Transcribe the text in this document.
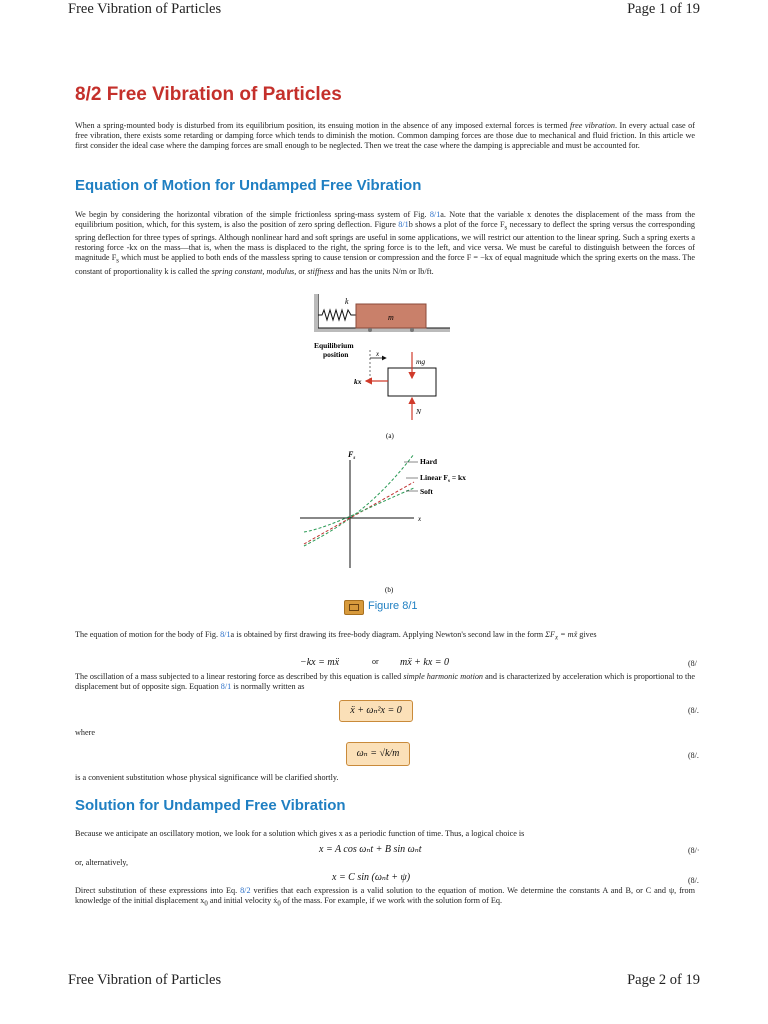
Free Vibration of Particles	Page 1 of 19
8/2 Free Vibration of Particles
When a spring-mounted body is disturbed from its equilibrium position, its ensuing motion in the absence of any imposed external forces is termed free vibration. In every actual case of free vibration, there exists some retarding or damping force which tends to diminish the motion. Common damping forces are those due to mechanical and fluid friction. In this article we first consider the ideal case where the damping forces are small enough to be neglected. Then we treat the case where the damping is appreciable and must be accounted for.
Equation of Motion for Undamped Free Vibration
We begin by considering the horizontal vibration of the simple frictionless spring-mass system of Fig. 8/1a. Note that the variable x denotes the displacement of the mass from the equilibrium position, which, for this system, is also the position of zero spring deflection. Figure 8/1b shows a plot of the force $F_s$ necessary to deflect the spring versus the corresponding spring deflection for three types of springs. Although nonlinear hard and soft springs are useful in some applications, we will restrict our attention to the linear spring. Such a spring exerts a restoring force -kx on the mass—that is, when the mass is displaced to the right, the spring force is to the left, and vice versa. We must be careful to distinguish between the forces of magnitude $F_s$ which must be applied to both ends of the massless spring to cause tension or compression and the force F = −kx of equal magnitude which the spring exerts on the mass. The constant of proportionality k is called the spring constant, modulus, or stiffness and has the units N/m or lb/ft.
k
m
Equilibrium
position	x
mg
kx
N
(a)
$F_s$
x
Hard
Linear $F_s$ = kx
Soft
(b)
Figure 8/1
The equation of motion for the body of Fig. 8/1a is obtained by first drawing its free-body diagram. Applying Newton's second law in the form $\Sigma F_x$ = mẍ gives
−kx = mẍ	or mẍ + kx = 0	(8/
The oscillation of a mass subjected to a linear restoring force as described by this equation is called simple harmonic motion and is characterized by acceleration which is proportional to the displacement but of opposite sign. Equation 8/1 is normally written as
ẍ + ωₙ²x = 0	(8/.
where
ωₙ = √k/m	(8/.
is a convenient substitution whose physical significance will be clarified shortly.
Solution for Undamped Free Vibration
Because we anticipate an oscillatory motion, we look for a solution which gives x as a periodic function of time. Thus, a logical choice is
x = A cos ωₙt + B sin ωₙt	(8/·
or, alternatively,
x = C sin (ωₙt + ψ)	(8/.
Direct substitution of these expressions into Eq. 8/2 verifies that each expression is a valid solution to the equation of motion. We determine the constants A and B, or C and ψ, from knowledge of the initial displacement $x_0$ and initial velocity ẋ$_0$ of the mass. For example, if we work with the solution form of Eq.
Free Vibration of Particles	Page 2 of 19
